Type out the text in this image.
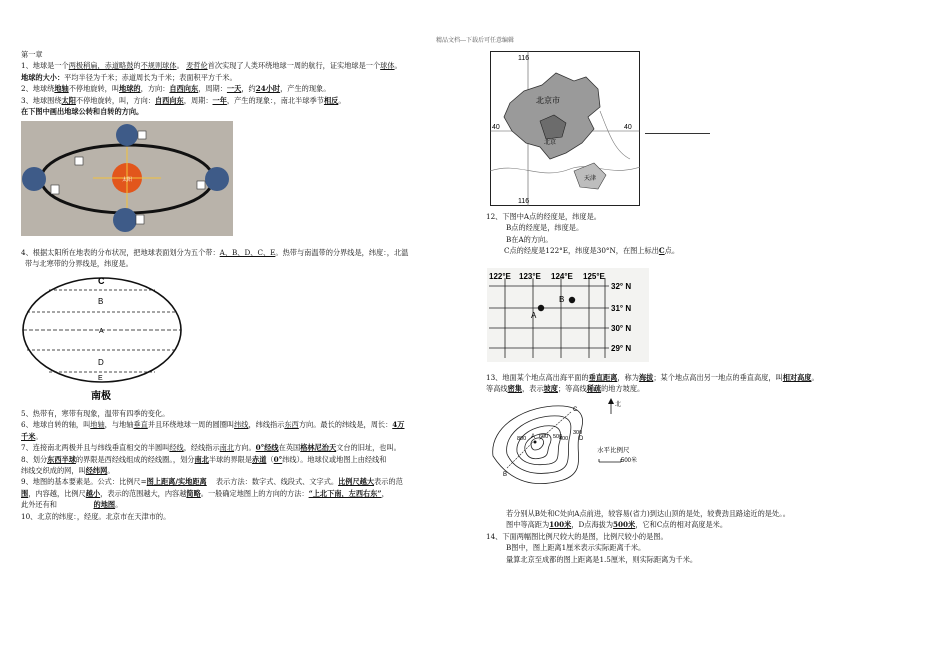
精品文档---下载后可任意编辑

第一章

1、地球是一个两极稍扁，赤道略鼓的不规则球体。 麦哲伦首次实现了人类环绕地球一周的航行，证实地球是一个球体。

地球的大小：平均半径为千米；赤道周长为千米；表面积平方千米。

2、地球绕地轴不停地旋转，叫地球的，方向：自西向东，周期：一天，约24小时，产生的现象。

3、地球围绕太阳不停地旋转，叫，方向：自西向东，周期：一年，产生的现象：，南北半球季节相反。

在下图中画出地球公转和自转的方向。

太阳

4、根据太阳所在地表的分布状况，把地球表面划分为五个带：A、B、D、C、E。热带与南温带的分界线是，纬度：，北温

带与北寒带的分界线是，纬度是。

C
B
A
D
E
南极

5、热带有，寒带有现象，温带有四季的变化。

6、地球自转的轴，叫地轴，与地轴垂直并且环绕地球一周的圆圈叫纬线，纬线指示东西方向。最长的纬线是，周长：4万

千米。

7、连接南北两极并且与纬线垂直相交的半圆叫经线，经线指示南北方向。0°经线在英国格林尼治天文台的旧址，也叫。

8、划分东西半球的界限是西经线组成的经线圈。，划分南北半球的界限是赤道（0°纬线）。地球仪或地图上由经线和

纬线交织成的网，叫经纬网。

9、地图的基本要素是。公式：比例尺=图上距离/实地距离 表示方法：数字式、线段式、文字式。比例尺越大表示的范

围，内容越，比例尺越小，表示的范围越大，内容越简略。一般确定地图上的方向的方法：“上北下南，左西右东”，

此外还有和	的地图。

10、北京的纬度：，经度。北京市在天津市的。

116
116
40	40
北京市
北京
天津

12、下图中A点的经度是，纬度是。

B点的经度是，纬度是。

B在A的方向。

C点的经度是122°E，纬度是30°N，在图上标出C点。

122°E 123°E 124°E 125°E
32° N
31° N
30° N
29° N
A
B

13、地面某个地点高出海平面的垂直距离，称为海拔；某个地点高出另一地点的垂直高度，叫相对高度。

等高线密集，表示坡度；等高线稀疏的地方坡度。

A
B
C
D
800 600 500
400
300
北
水平比例尺
500米

若分别从B处和C处向A点前进，较容易(省力)到达山顶的是处，较费劲且路途近的是处。。

图中等高距为100米，D点海拔为500米，它和C点的相对高度是米。

14、下面两幅图比例尺较大的是图，比例尺较小的是图。

B图中，图上距离1厘米表示实际距离千米。

量算北京至成都的图上距离是1.5厘米，则实际距离为千米。
